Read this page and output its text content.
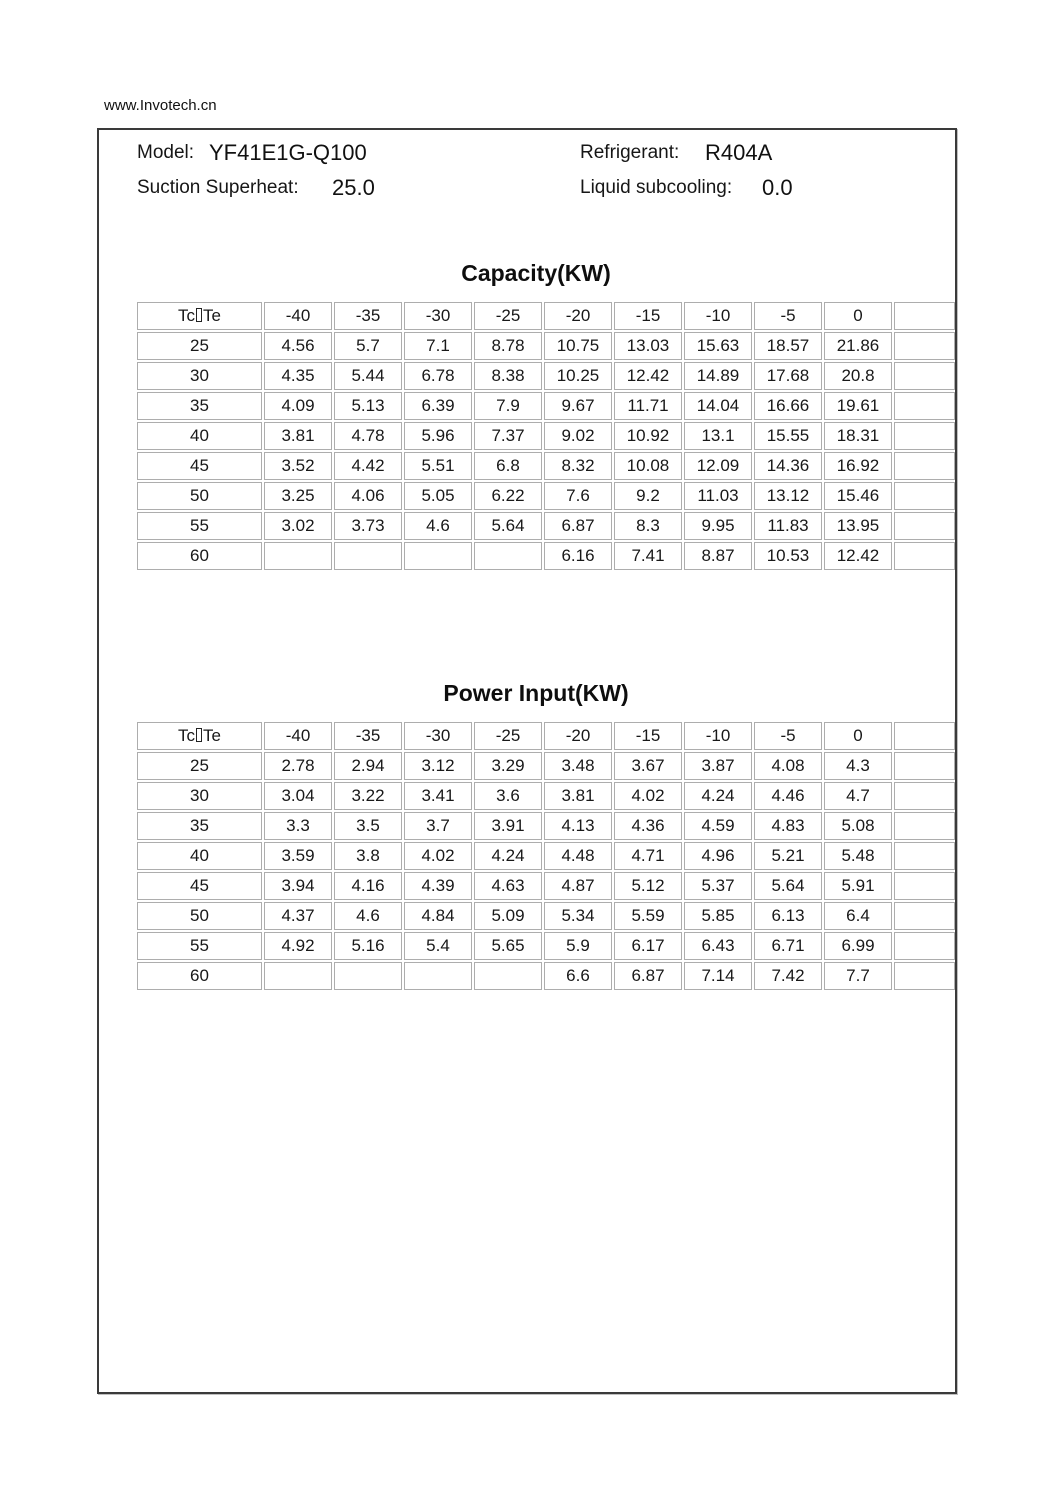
www.Invotech.cn
Model: YF41E1G-Q100	Refrigerant: R404A
Suction Superheat: 25.0	Liquid subcooling: 0.0
Capacity(KW)
Tc Te	-40	-35	-30	-25	-20	-15	-10	-5	0	
25	4.56	5.7	7.1	8.78	10.75	13.03	15.63	18.57	21.86	
30	4.35	5.44	6.78	8.38	10.25	12.42	14.89	17.68	20.8	
35	4.09	5.13	6.39	7.9	9.67	11.71	14.04	16.66	19.61	
40	3.81	4.78	5.96	7.37	9.02	10.92	13.1	15.55	18.31	
45	3.52	4.42	5.51	6.8	8.32	10.08	12.09	14.36	16.92	
50	3.25	4.06	5.05	6.22	7.6	9.2	11.03	13.12	15.46	
55	3.02	3.73	4.6	5.64	6.87	8.3	9.95	11.83	13.95	
60					6.16	7.41	8.87	10.53	12.42	
Power Input(KW)
Tc Te	-40	-35	-30	-25	-20	-15	-10	-5	0	
25	2.78	2.94	3.12	3.29	3.48	3.67	3.87	4.08	4.3	
30	3.04	3.22	3.41	3.6	3.81	4.02	4.24	4.46	4.7	
35	3.3	3.5	3.7	3.91	4.13	4.36	4.59	4.83	5.08	
40	3.59	3.8	4.02	4.24	4.48	4.71	4.96	5.21	5.48	
45	3.94	4.16	4.39	4.63	4.87	5.12	5.37	5.64	5.91	
50	4.37	4.6	4.84	5.09	5.34	5.59	5.85	6.13	6.4	
55	4.92	5.16	5.4	5.65	5.9	6.17	6.43	6.71	6.99	
60					6.6	6.87	7.14	7.42	7.7	
